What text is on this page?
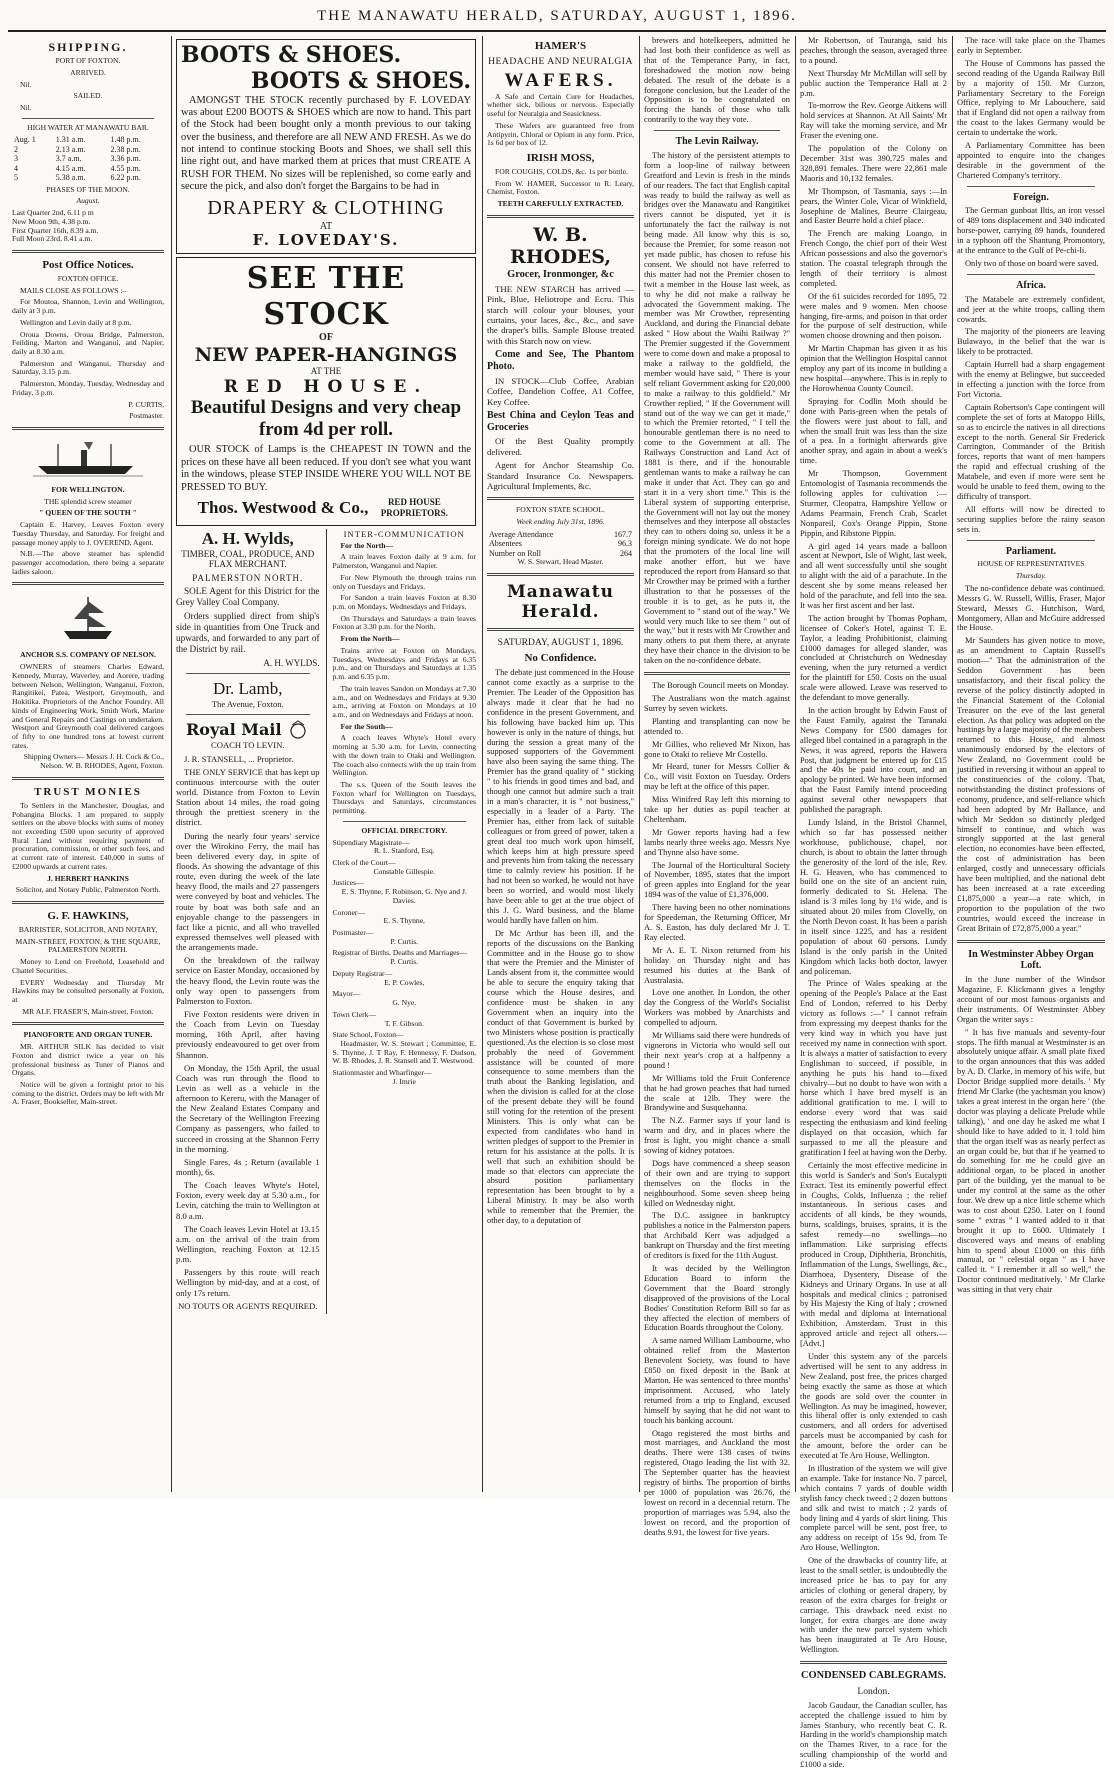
THE MANAWATU HERALD, SATURDAY, AUGUST 1, 1896.
SHIPPING.

PORT OF FOXTON.

ARRIVED.

Nil.

SAILED.

Nil.

HIGH WATER AT MANAWATU BAR.

Aug. 1	1.31 a.m.	1.48 p.m.
2	2.13 a.m.	2.38 p.m.
3	3.7 a.m.	3.36 p.m.
4	4.15 a.m.	4.55 p.m.
5	5.38 a.m.	6.22 p.m.

PHASES OF THE MOON.

August.

Last Quarter 2nd, 6.11 p m
New Moon 9th, 4.38 p.m.
First Quarter 16th, 8.39 a.m.
Full Moon 23rd, 8.41 a.m.
Post Office Notices.

FOXTON OFFICE.

MAILS CLOSE AS FOLLOWS :–

For Moutoa, Shannon, Levin and Wellington, daily at 3 p.m.

Wellington and Levin daily at 8 p.m.

Oroua Downs, Oroua Bridge, Palmerston, Feilding, Marton and Wanganui, and Napier, daily at 8.30 a.m.

Palmerston and Wanganui, Thursday and Saturday, 3.15 p.m.

Palmerston, Monday, Tuesday, Wednesday and Friday, 3 p.m.

P. CURTIS,

Postmaster.

FOR WELLINGTON.

THE splendid screw steamer

" QUEEN OF THE SOUTH "

Captain E. Harvey, Leaves Foxton every Tuesday Thursday, and Saturday. For freight and passage money apply to J. OVEREND, Agent.

N.B.—The above steamer has splendid passenger accomodation, there being a separate ladies saloon.

ANCHOR S.S. COMPANY OF NELSON.

OWNERS of steamers Charles Edward, Kennedy, Murray, Waverley, and Aorere, trading between Nelson, Wellington, Wanganui, Foxton, Rangitikei, Patea, Westport, Greymouth, and Hokitika. Proprietors of the Anchor Foundry. All kinds of Engineering Work, Smith Work, Marine and General Repairs and Castings on undertaken. Westport and Greymouth coal delivered cargoes of fifty to one hundred tons at lowest current rates.

Shipping Owners— Messrs J. H. Cock & Co., Nelson. W. B. RHODES, Agent, Foxton.

TRUST MONIES

To Settlers in the Manchester, Douglas, and Pohangina Blocks. I am prepared to supply settlers on the above blocks with sums of money not exceeding £500 upon security of approved Rural Land without requiring payment of procuration, commission, or other such fees, and at current rate of interest. £40,000 in sums of £2000 upwards at current rates.

J. HERBERT HANKINS

Solicitor, and Notary Public, Palmerston North.

G. F. HAWKINS,

BARRISTER, SOLICITOR, AND NOTARY,

MAIN-STREET, FOXTON, & THE SQUARE, PALMERSTON NORTH.

Money to Lend on Freehold, Leasehold and Chattel Securities.

EVERY Wednesday and Thursday Mr Hawkins may be consulted personally at Foxton, at

MR ALF. FRASER'S, Main-street, Foxton.

PIANOFORTE AND ORGAN TUNER.

MR. ARTHUR SILK has decided to visit Foxton and district twice a year on his professional business as Tuner of Pianos and Organs.

Notice will be given a fortnight prior to his coming to the district. Orders may be left with Mr A. Fraser, Bookseller, Main-street.

BOOTS & SHOES.
BOOTS & SHOES.

AMONGST THE STOCK recently purchased by F. LOVEDAY was about £200 BOOTS & SHOES which are now to hand. This part of the Stock had been bought only a month previous to our taking over the business, and therefore are all NEW AND FRESH. As we do not intend to continue stocking Boots and Shoes, we shall sell this line right out, and have marked them at prices that must CREATE A RUSH FOR THEM. No sizes will be replenished, so come early and secure the pick, and also don't forget the Bargains to be had in

DRAPERY & CLOTHING
AT
F. LOVEDAY'S.
SEE THE STOCK
OF
NEW PAPER-HANGINGS
AT THE
RED HOUSE.
Beautiful Designs and very cheap from 4d per roll.

OUR STOCK of Lamps is the CHEAPEST IN TOWN and the prices on these have all been reduced. If you don't see what you want in the windows, please STEP INSIDE WHERE YOU WILL NOT BE PRESSED TO BUY.

Thos. Westwood & Co.,	RED HOUSE PROPRIETORS.
A. H. Wylds,

TIMBER, COAL, PRODUCE, AND FLAX MERCHANT.

PALMERSTON NORTH.

SOLE Agent for this District for the Grey Valley Coal Company.

Orders supplied direct from ship's side in quantities from One Truck and upwards, and forwarded to any part of the District by rail.

A. H. WYLDS.

Dr. Lamb,

The Avenue, Foxton.

Royal Mail

COACH TO LEVIN.

J. R. STANSELL, ... Proprietor.

THE ONLY SERVICE that has kept up continuous intercourse with the outer world. Distance from Foxton to Levin Station about 14 miles, the road going through the prettiest scenery in the district.

During the nearly four years' service over the Wirokino Ferry, the mail has been delivered every day, in spite of floods. As showing the advantage of this route, even during the week of the late heavy flood, the mails and 27 passengers were conveyed by boat and vehicles. The route by boat was both safe and an enjoyable change to the passengers in fact like a picnic, and all who travelled expressed themselves well pleased with the arrangements made.

On the breakdown of the railway service on Easter Monday, occasioned by the heavy flood, the Levin route was the only way open to passengers from Palmerston to Foxton.

Five Foxton residents were driven in the Coach from Levin on Tuesday morning, 16th April, after having previously endeavoured to get over from Shannon.

On Monday, the 15th April, the usual Coach was run through the flood to Levin as well as a vehicle in the afternoon to Kereru, with the Manager of the New Zealand Estates Company and the Secretary of the Wellington Freezing Company as passengers, who failed to succeed in crossing at the Shannon Ferry in the morning.

Single Fares, 4s ; Return (available 1 month), 6s.

The Coach leaves Whyte's Hotel, Foxton, every week day at 5.30 a.m., for Levin, catching the train to Wellington at 8.0 a.m.

The Coach leaves Levin Hotel at 13.15 a.m. on the arrival of the train from Wellington, reaching Foxton at 12.15 p.m.

Passengers by this route will reach Wellington by mid-day, and at a cost, of only 17s return.

NO TOUTS OR AGENTS REQUIRED.

INTER-COMMUNICATION

For the North—

A train leaves Foxton daily at 9 a.m. for Palmerston, Wanganui and Napier.

For New Plymouth the through trains run only on Tuesdays and Fridays.

For Sandon a train leaves Foxton at 8.30 p.m. on Mondays, Wednesdays and Fridays.

On Thursdays and Saturdays a train leaves Foxton at 3.30 p.m. for the North.

From the North—

Trains arrive at Foxton on Mondays, Tuesdays, Wednesdays and Fridays at 6.35 p.m., and on Thursdays and Saturdays at 1.35 p.m. and 6.35 p.m.

The train leaves Sandon on Mondays at 7.30 a.m., and on Wednesdays and Fridays at 9.30 a.m., arriving at Foxton on Mondays at 10 a.m., and on Wednesdays and Fridays at noon.

For the South—

A coach leaves Whyte's Hotel every morning at 5.30 a.m. for Levin, connecting with the down train to Otaki and Wellington. The coach also connects with the up train from Wellington.

The s.s. Queen of the South leaves the Foxton wharf for Wellington on Tuesdays, Thursdays and Saturdays, circumstances permitting.

OFFICIAL DIRECTORY.

Stipendiary Magistrate—

R. L. Stanford, Esq.

Clerk of the Court—

Constable Gillespie.

Justices—

E. S. Thynne, F. Robinson, G. Nye and J. Davies.

Coroner—

E. S. Thynne,

Postmaster—

P. Curtis.

Registrar of Births, Deaths and Marriages—

P. Curtis.

Deputy Registrar—

E. P. Cowles,

Mayor—

G. Nye.

Town Clerk—

T. F. Gibson.

State School, Foxton—

Headmaster, W. S. Stewart ; Committee, E. S. Thynne, J. T Ray, F. Hennessy, F. Dudson, W. B. Rhodes, J. R. Stansell and T. Westwood.

Stationmaster and Wharfinger—

J. Imrie

HAMER'S

HEADACHE AND NEURALGIA

WAFERS.

A Safe and Certain Cure for Headaches, whether sick, bilious or nervous. Especially useful for Neuralgia and Seasickness.

These Wafers are guaranteed free from Antipyrin, Chloral or Opium in any form. Price, 1s 6d per box of 12.

IRISH MOSS,

FOR COUGHS, COLDS, &c. 1s per bottle.

From W. HAMER, Successor to R. Leary, Chemist, Foxton.

TEETH CAREFULLY EXTRACTED.

W. B. RHODES,

Grocer, Ironmonger, &c

THE NEW STARCH has arrived —Pink, Blue, Heliotrope and Ecru. This starch will colour your blouses, your curtains, your laces, &c., &c., and save the draper's bills. Sample Blouse treated with this Starch now on view.

Come and See, The Phantom Photo.

IN STOCK—Club Coffee, Arabian Coffee, Dandelion Coffee, A1 Coffee, Key Coffee.

Best China and Ceylon Teas and Groceries

Of the Best Quality promptly delivered.

Agent for Anchor Steamship Co. Standard Insurance Co. Newspapers. Agricultural Implements, &c.

FOXTON STATE SCHOOL.

Week ending July 31st, 1896.

Average Attendance	167.7
Absentees	96.3
Number on Roll	264

W. S. Stewart, Head Master.

Manawatu Herald.

SATURDAY, AUGUST 1, 1896.

No Confidence.

The debate just commenced in the House cannot come exactly as a surprise to the Premier. The Leader of the Opposition has always made it clear that he had no confidence in the present Government, and his following have backed him up. This however is only in the nature of things, but during the session a great many of the supposed supporters of the Government have also been saying the same thing. The Premier has the grand quality of " sticking " to his friends in good times and bad, and though one cannot but admire such a trait in a man's character, it is " not business," especially in a leader of a Party. The Premier has, either from lack of suitable colleagues or from greed of power, taken a great deal too much work upon himself, which keeps him at high pressure speed and prevents him from taking the necessary time to calmly review his position. If he had not been so worked, he would not have been so worried, and would most likely have been able to get at the true object of this J. G. Ward business, and the blame would hardly have fallen on him.

Dr Mc Arthur has been ill, and the reports of the discussions on the Banking Committee and in the House go to show that were the Premier and the Minister of Lands absent from it, the committee would be able to secure the enquiry taking that course which the House desires, and confidence must be shaken in any Government when an inquiry into the conduct of that Government is burked by two Ministers whose position is practically questioned. As the election is so close most probably the need of Government assistance will be counted of more consequence to some members than the truth about the Banking legislation, and when the division is called for at the close of the present debate they will be found still voting for the retention of the present Ministers. This is only what can be expected from candidates who hand in written pledges of support to the Premier in return for his assistance at the polls. It is well that such an exhibition should be made so that electors can appreciate the absurd position parliamentary representation has been brought to by a Liberal Ministry. It may be also worth while to remember that the Premier, the other day, to a deputation of

brewers and hotelkeepers, admitted he had lost both their confidence as well as that of the Temperance Party, in fact, foreshadowed the motion now being debated. The result of the debate is a foregone conclusion, but the Leader of the Opposition is to be congratulated on forcing the hands of those who talk contrarily to the way they vote.

The Levin Railway.

The history of the persistent attempts to form a loop-line of railway between Greatford and Levin is fresh in the minds of our readers. The fact that English capital was ready to build the railway as well as bridges over the Manawatu and Rangitikei rivers cannot be disputed, yet it is unfortunately the fact the railway is not being made. All know why this is so, because the Premier, for some reason not yet made public, has chosen to refuse his consent. We should not have referred to this matter had not the Premier chosen to twit a member in the House last week, as to why he did not make a railway he advocated the Government making. The member was Mr Crowther, representing Auckland, and during the Financial debate asked " How about the Waihi Railway ?" The Premier suggested if the Government were to come down and make a proposal to make a railway to the goldfield, the member would have said, " There is your self reliant Government asking for £20,000 to make a railway to this goldfield." Mr Crowther replied, " If the Government will stand out of the way we can get it made," to which the Premier retorted, " I tell the honourable gentleman there is no need to come to the Government at all. The Railways Construction and Land Act of 1881 is there, and if the honourable gentleman wants to make a railway he can make it under that Act. They can go and start it in a very short time." This is the Liberal system of supporting enterprise, the Government will not lay out the money themselves and they interpose all obstacles they can to others doing so, unless it be a foreign mining syndicate. We do not hope that the promoters of the local line will make another effort, but we have reproduced the report from Hansard so that Mr Crowther may be primed with a further illustration to that he possesses of the trouble it is to get, as he puts it, the Government to " stand out of the way." We would very much like to see them " out of the way," but it rests with Mr Crowther and many others to put them there, at anyrate they have their chance in the division to be taken on the no-confidence debate.

The Borough Council meets on Monday.

The Australians won the match against Surrey by seven wickets.

Planting and transplanting can now be attended to.

Mr Gillies, who relieved Mr Nixon, has gone to Otaki to relieve Mr Costello.

Mr Heard, tuner for Messrs Collier & Co., will visit Foxton on Tuesday. Orders may be left at the office of this paper.

Miss Winifred Ray left this morning to take up her duties as pupil teacher at Cheltenham.

Mr Gower reports having had a few lambs nearly three weeks ago. Messrs Nye and Thynne also have some.

The Journal of the Horticultural Society of November, 1895, states that the import of green apples into England for the year 1894 was of the value of £1,376,000.

There having been no other nominations for Speedeman, the Returning Officer, Mr A. S. Easton, has duly declared Mr J. T. Ray elected.

Mr A. E. T. Nixon returned from his holiday on Thursday night and has resumed his duties at the Bank of Australasia.

Love one another. In London, the other day the Congress of the World's Socialist Workers was mobbed by Anarchists and compelled to adjourn.

Mr Williams said there were hundreds of vignerons in Victoria who would sell out their next year's crop at a halfpenny a pound !

Mr Williams told the Fruit Conference that he had grown peaches that had turned the scale at 12lb. They were the Brandywine and Susquehanna.

The N.Z. Farmer says if your land is warm and dry, and in places where the frost is light, you might chance a small sowing of kidney potatoes.

Dogs have commenced a sheep season of their own and are trying to support themselves on the flocks in the neighbourhood. Some seven sheep being killed on Wednesday night.

The D.C. assignee in bankruptcy publishes a notice in the Palmerston papers that Archibald Kerr was adjudged a bankrupt on Thursday and the first meeting of creditors is fixed for the 11th August.

It was decided by the Wellington Education Board to inform the Government that the Board strongly disapproved of the provisions of the Local Bodies' Constitution Reform Bill so far as they affected the election of members of Education Boards throughout the Colony.

A same named William Lambourne, who obtained relief from the Masterton Benevolent Society, was found to have £850 on fixed deposit in the Bank at Marton. He was sentenced to three months' imprisonment. Accused, who lately returned from a trip to England, excused himself by saying that he did not want to touch his banking account.

Otago registered the most births and most marriages, and Auckland the most deaths. There were 138 cases of twins registered, Otago leading the list with 32. The September quarter has the heaviest registry of births. The proportion of births per 1000 of population was 26.76, the lowest on record in a decennial return. The proportion of marriages was 5.94, also the lowest on record, and the proportion of deaths 9.91, the lowest for five years.

Mr Robertson, of Tauranga, said his peaches, through the season, averaged three to a pound.

Next Thursday Mr McMillan will sell by public auction the Temperance Hall at 2 p.m.

To-morrow the Rev. George Aitkens will hold services at Shannon. At All Saints' Mr Ray will take the morning service, and Mr Fraser the evening one.

The population of the Colony on December 31st was 390,725 males and 328,891 females. There were 22,861 male Maoris and 10,132 females.

Mr Thompson, of Tasmania, says :—In pears, the Winter Cole, Vicar of Winkfield, Josephine de Malines, Beurre Clairgeau, and Easter Beurre hold a chief place.

The French are making Loango, in French Congo, the chief port of their West African possessions and also the governor's station. The coastal telegraph through the length of their territory is almost completed.

Of the 61 suicides recorded for 1895, 72 were males and 9 women. Men choose hanging, fire-arms, and poison in that order for the purpose of self destruction, while women choose drowning and then poison.

Mr Martin Chapman has given it as his opinion that the Wellington Hospital cannot employ any part of its income in building a new hospital—anywhere. This is in reply to the Horowhenua County Council.

Spraying for Codlin Moth should be done with Paris-green when the petals of the flowers were just about to fall, and when the small fruit was less than the size of a pea. In a fortnight afterwards give another spray, and again in about a week's time.

Mr Thompson, Government Entomologist of Tasmania recommends the following apples for cultivation :—Sturmer, Cleopatra, Hampshire Yellow or Adams Pearmain, French Crab, Scarlet Nonpareil, Cox's Orange Pippin, Stone Pippin, and Ribstone Pippin.

A girl aged 14 years made a balloon ascent at Newport, Isle of Wight, last week, and all went successfully until she sought to alight with the aid of a parachute. In the descent she by some means released her hold of the parachute, and fell into the sea. It was her first ascent and her last.

The action brought by Thomas Popham, licensee of Coker's Hotel, against T. E. Taylor, a leading Prohibitionist, claiming £1000 damages for alleged slander, was concluded at Christchurch on Wednesday evening, when the jury returned a verdict for the plaintiff for £50. Costs on the usual scale were allowed. Leave was reserved to the defendant to move generally.

In the action brought by Edwin Faust of the Faust Family, against the Taranaki News Company for £500 damages for alleged libel contained in a paragraph in the News, it was agreed, reports the Hawera Post, that judgment be entered up for £15 and the 40s be paid into court, and an apology be printed. We have been informed that the Faust Family intend proceeding against several other newspapers that published the paragraph.

Lundy Island, in the Bristol Channel, which so far has possessed neither workhouse, publichouse, chapel, nor church, is about to obtain the latter through the generosity of the lord of the isle, Rev. H. G. Heaven, who has commenced to build one on the site of an ancient ruin, formerly dedicated to St. Helena. The island is 3 miles long by 1¼ wide, and is situated about 20 miles from Clovelly, on the North Devon coast. It has been a parish in itself since 1225, and has a resident population of about 60 persons. Lundy Island is the only parish in the United Kingdom which lacks both doctor, lawyer and policeman.

The Prince of Wales speaking at the opening of the People's Palace at the East End of London, referred to his Derby victory as follows :—" I cannot refrain from expressing my deepest thanks for the very kind way in which you have just received my name in connection with sport. It is always a matter of satisfaction to every Englishman to succeed, if possible, in anything he puts his hand to—fixed chivalry—but no doubt to have won with a horse which I have bred myself is an additional gratification to me. I will to endorse every word that was said respecting the enthusiasm and kind feeling displayed on that occasion, which far surpassed to me all the pleasure and gratification I feel at having won the Derby.

Certainly the most effective medicine in this world is Sander's and Son's Eucalypti Extract. Test its eminently powerful effect in Coughs, Colds, Influenza ; the relief instantaneous. In serious cases and accidents of all kinds, be they wounds, burns, scaldings, bruises, sprains, it is the safest remedy—no swellings—no inflammation. Like surprising effects produced in Croup, Diphtheria, Bronchitis, Inflammation of the Lungs, Swellings, &c., Diarrhoea, Dysentery, Disease of the Kidneys and Urinary Organs. In use at all hospitals and medical clinics ; patronised by His Majesty the King of Italy ; crowned with medal and diploma at International Exhibition, Amsterdam. Trust in this approved article and reject all others.—[Advt.]

Under this system any of the parcels advertised will be sent to any address in New Zealand, post free, the prices charged being exactly the same as those at which the goods are sold over the counter in Wellington. As may be imagined, however, this liberal offer is only extended to cash customers, and all orders for advertised parcels must be accompanied by cash for the amount, before the order can be executed at Te Aro House, Wellington.

In illustration of the system we will give an example. Take for instance No. 7 parcel, which contains 7 yards of double width stylish fancy check tweed ; 2 dozen buttons and silk and twist to match ; 2 yards of body lining and 4 yards of skirt lining. This complete parcel will be sent, post free, to any address on receipt of 15s 9d, from Te Aro House, Wellington.

One of the drawbacks of country life, at least to the small settler, is undoubtedly the increased price he has to pay for any articles of clothing or general drapery, by reason of the extra charges for freight or carriage. This drawback need exist no longer, for extra charges are done away with under the new parcel system which has been inaugurated at Te Aro House, Wellington.

CONDENSED CABLEGRAMS.
London.

Jacob Gaudaur, the Canadian sculler, has accepted the challenge issued to him by James Stanbury, who recently beat C. R. Harding in the world's championship match on the Thames River, to a race for the sculling championship of the world and £1000 a side.

The race will take place on the Thames early in September.

The House of Commons has passed the second reading of the Uganda Railway Bill by a majority of 150. Mr Curzon, Parliamentary Secretary to the Foreign Office, replying to Mr Labouchere, said that if England did not open a railway from the coast to the lakes Germany would be certain to undertake the work.

A Parliamentary Committee has been appointed to enquire into the changes desirable in the government of the Chartered Company's territory.

Foreign.

The German gunboat Iltis, an iron vessel of 489 tons displacement and 340 indicated horse-power, carrying 89 hands, foundered in a typhoon off the Shantung Promontory, at the entrance to the Gulf of Pe-chi-li.

Only two of those on board were saved.

Africa.

The Matabele are extremely confident, and jeer at the white troops, calling them cowards.

The majority of the pioneers are leaving Bulawayo, in the belief that the war is likely to be protracted.

Captain Hurrell had a sharp engagement with the enemy at Belingwe, but succeeded in effecting a junction with the force from Fort Victoria.

Captain Robertson's Cape contingent will complete the set of forts at Matoppo Hills, so as to encircle the natives in all directions except to the north. General Sir Frederick Carrington, Commander of the British forces, reports that want of men hampers the rapid and effectual crushing of the Matabele, and even if more were sent he would be unable to feed them, owing to the difficulty of transport.

All efforts will now be directed to securing supplies before the rainy season sets in.

Parliament.

HOUSE OF REPRESENTATIVES

Thursday.

The no-confidence debate was continued. Messrs G. W. Russell, Willis, Fraser, Major Steward, Messrs G. Hutchison, Ward, Montgomery, Allan and McGuire addressed the House.

Mr Saunders has given notice to move, as an amendment to Captain Russell's motion—" That the administration of the Seddon Government has been unsatisfactory, and their fiscal policy the reverse of the policy distinctly adopted in the Financial Statement of the Colonial Treasurer on the eve of the last general election. As that policy was adopted on the hustings by a large majority of the members returned to this House, and almost unanimously endorsed by the electors of New Zealand, no Government could be justified in reversing it without an appeal to the constituencies of the colony. That, notwithstanding the distinct professions of economy, prudence, and self-reliance which had been adopted by Mr Ballance, and which Mr Seddon so distinctly pledged himself to continue, and which was strongly supported at the last general election, no economies have been effected, the cost of administration has been enlarged, costly and unnecessary officials have been multiplied, and the national debt has been increased at a rate exceeding £1,875,000 a year—a rate which, in proportion to the population of the two countries, would exceed the increase in Great Britain of £72,875,000 a year."

In Westminster Abbey Organ Loft.

In the June number of the Windsor Magazine, F. Klickmann gives a lengthy account of our most famous organists and their instruments. Of Westminster Abbey Organ the writer says :

" It has five manuals and seventy-four stops. The fifth manual at Westminster is an absolutely unique affair. A small plate fixed to the organ announces that this was added by A. D. Clarke, in memory of his wife, but Doctor Bridge supplied more details. ' My friend Mr Clarke (the yachtsman you know) takes a great interest in the organ here ' (the doctor was playing a delicate Prelude while talking), ' and one day he asked me what I should like to have added to it. I told him that the organ itself was as nearly perfect as an organ could be, but that if he yearned to do something for me he could give an additional organ, to be placed in another part of the building, yet the manual to be under my control at the same as the other four. We drew up a nice little scheme which was to cost about £250. Later on I found some " extras " I wanted added to it that brought it up to £600. Ultimately I discovered ways and means of enabling him to spend about £1000 on this fifth manual, or " celestial organ " as I have called it. " I remember it all so well," the Doctor continued meditatively. ' Mr Clarke was sitting in that very chair
